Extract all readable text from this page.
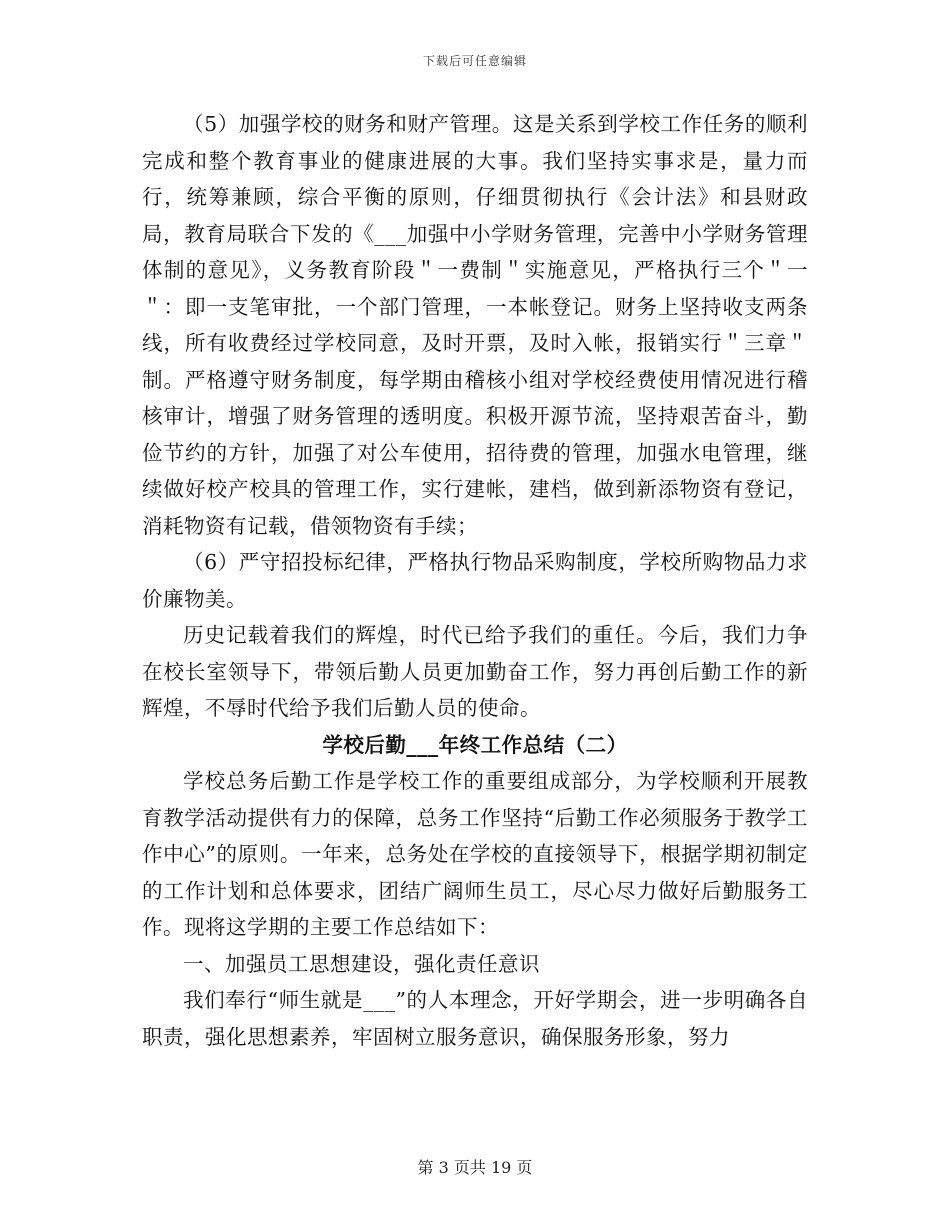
下载后可任意编辑

（5）加强学校的财务和财产管理。这是关系到学校工作任务的顺利完成和整个教育事业的健康进展的大事。我们坚持实事求是，量力而行，统筹兼顾，综合平衡的原则，仔细贯彻执行《会计法》和县财政局，教育局联合下发的《___加强中小学财务管理，完善中小学财务管理体制的意见》，义务教育阶段＂一费制＂实施意见，严格执行三个＂一＂：即一支笔审批，一个部门管理，一本帐登记。财务上坚持收支两条线，所有收费经过学校同意，及时开票，及时入帐，报销实行＂三章＂制。严格遵守财务制度，每学期由稽核小组对学校经费使用情况进行稽核审计，增强了财务管理的透明度。积极开源节流，坚持艰苦奋斗，勤俭节约的方针，加强了对公车使用，招待费的管理，加强水电管理，继续做好校产校具的管理工作，实行建帐，建档，做到新添物资有登记，消耗物资有记载，借领物资有手续；

（6）严守招投标纪律，严格执行物品采购制度，学校所购物品力求价廉物美。

历史记载着我们的辉煌，时代已给予我们的重任。今后，我们力争在校长室领导下，带领后勤人员更加勤奋工作，努力再创后勤工作的新辉煌，不辱时代给予我们后勤人员的使命。

学校后勤___年终工作总结（二）

学校总务后勤工作是学校工作的重要组成部分，为学校顺利开展教育教学活动提供有力的保障，总务工作坚持“后勤工作必须服务于教学工作中心”的原则。一年来，总务处在学校的直接领导下，根据学期初制定的工作计划和总体要求，团结广阔师生员工，尽心尽力做好后勤服务工作。现将这学期的主要工作总结如下：

一、加强员工思想建设，强化责任意识

我们奉行“师生就是___”的人本理念，开好学期会，进一步明确各自职责，强化思想素养，牢固树立服务意识，确保服务形象，努力

第 3 页共 19 页
